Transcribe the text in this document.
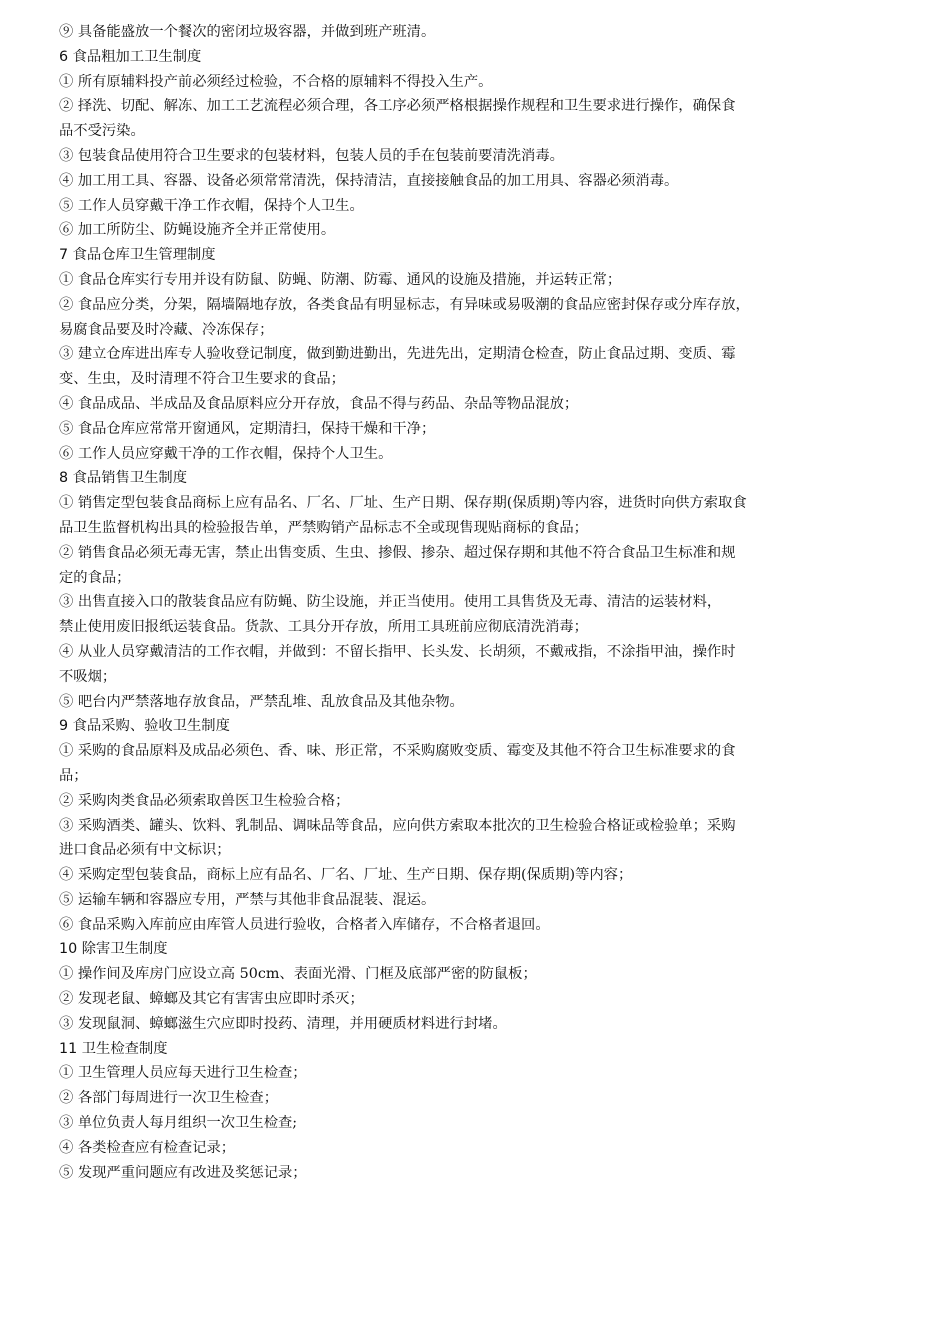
⑨ 具备能盛放一个餐次的密闭垃圾容器，并做到班产班清。
6 食品粗加工卫生制度
① 所有原辅料投产前必须经过检验，不合格的原辅料不得投入生产。
② 择洗、切配、解冻、加工工艺流程必须合理，各工序必须严格根据操作规程和卫生要求进行操作，确保食
品不受污染。
③ 包装食品使用符合卫生要求的包装材料，包装人员的手在包装前要清洗消毒。
④ 加工用工具、容器、设备必须常常清洗，保持清洁，直接接触食品的加工用具、容器必须消毒。
⑤ 工作人员穿戴干净工作衣帽，保持个人卫生。
⑥ 加工所防尘、防蝇设施齐全并正常使用。
7 食品仓库卫生管理制度
① 食品仓库实行专用并设有防鼠、防蝇、防潮、防霉、通风的设施及措施，并运转正常；
② 食品应分类，分架，隔墙隔地存放，各类食品有明显标志，有异味或易吸潮的食品应密封保存或分库存放，
易腐食品要及时冷藏、冷冻保存；
③ 建立仓库进出库专人验收登记制度，做到勤进勤出，先进先出，定期清仓检查，防止食品过期、变质、霉
变、生虫，及时清理不符合卫生要求的食品；
④ 食品成品、半成品及食品原料应分开存放，食品不得与药品、杂品等物品混放；
⑤ 食品仓库应常常开窗通风，定期清扫，保持干燥和干净；
⑥ 工作人员应穿戴干净的工作衣帽，保持个人卫生。
8 食品销售卫生制度
① 销售定型包装食品商标上应有品名、厂名、厂址、生产日期、保存期(保质期)等内容，进货时向供方索取食
品卫生监督机构出具的检验报告单，严禁购销产品标志不全或现售现贴商标的食品；
② 销售食品必须无毒无害，禁止出售变质、生虫、掺假、掺杂、超过保存期和其他不符合食品卫生标准和规
定的食品；
③ 出售直接入口的散装食品应有防蝇、防尘设施，并正当使用。使用工具售货及无毒、清洁的运装材料，
禁止使用废旧报纸运装食品。货款、工具分开存放，所用工具班前应彻底清洗消毒；
④ 从业人员穿戴清洁的工作衣帽，并做到：不留长指甲、长头发、长胡须，不戴戒指，不涂指甲油，操作时
不吸烟；
⑤ 吧台内严禁落地存放食品，严禁乱堆、乱放食品及其他杂物。
9 食品采购、验收卫生制度
① 采购的食品原料及成品必须色、香、味、形正常，不采购腐败变质、霉变及其他不符合卫生标准要求的食
品；
② 采购肉类食品必须索取兽医卫生检验合格；
③ 采购酒类、罐头、饮料、乳制品、调味品等食品，应向供方索取本批次的卫生检验合格证或检验单；采购
进口食品必须有中文标识；
④ 采购定型包装食品，商标上应有品名、厂名、厂址、生产日期、保存期(保质期)等内容；
⑤ 运输车辆和容器应专用，严禁与其他非食品混装、混运。
⑥ 食品采购入库前应由库管人员进行验收，合格者入库储存，不合格者退回。
10 除害卫生制度
① 操作间及库房门应设立高 50cm、表面光滑、门框及底部严密的防鼠板；
② 发现老鼠、蟑螂及其它有害害虫应即时杀灭；
③ 发现鼠洞、蟑螂滋生穴应即时投药、清理，并用硬质材料进行封堵。
11 卫生检查制度
① 卫生管理人员应每天进行卫生检查；
② 各部门每周进行一次卫生检查；
③ 单位负责人每月组织一次卫生检查;
④ 各类检查应有检查记录；
⑤ 发现严重问题应有改进及奖惩记录；
